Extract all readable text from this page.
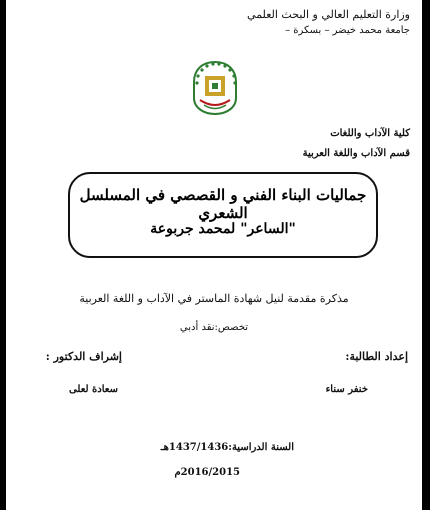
وزارة التعليم العالي و البحث العلمي
جامعة محمد خيضر – بسكرة –
كلية الآداب واللغات
قسم الآداب واللغة العربية
جماليات البناء الفني و القصصي في المسلسل الشعري
"الساعر" لمحمد جربوعة
مذكرة مقدمة لنيل شهادة الماستر في الآداب و اللغة العربية
تخصص:نقد أدبي
إعداد الطالبة:
إشراف الدكتور :
خنفر سناء
سعادة لعلى
السنة الدراسية:1437/1436هـ
2016/2015م
